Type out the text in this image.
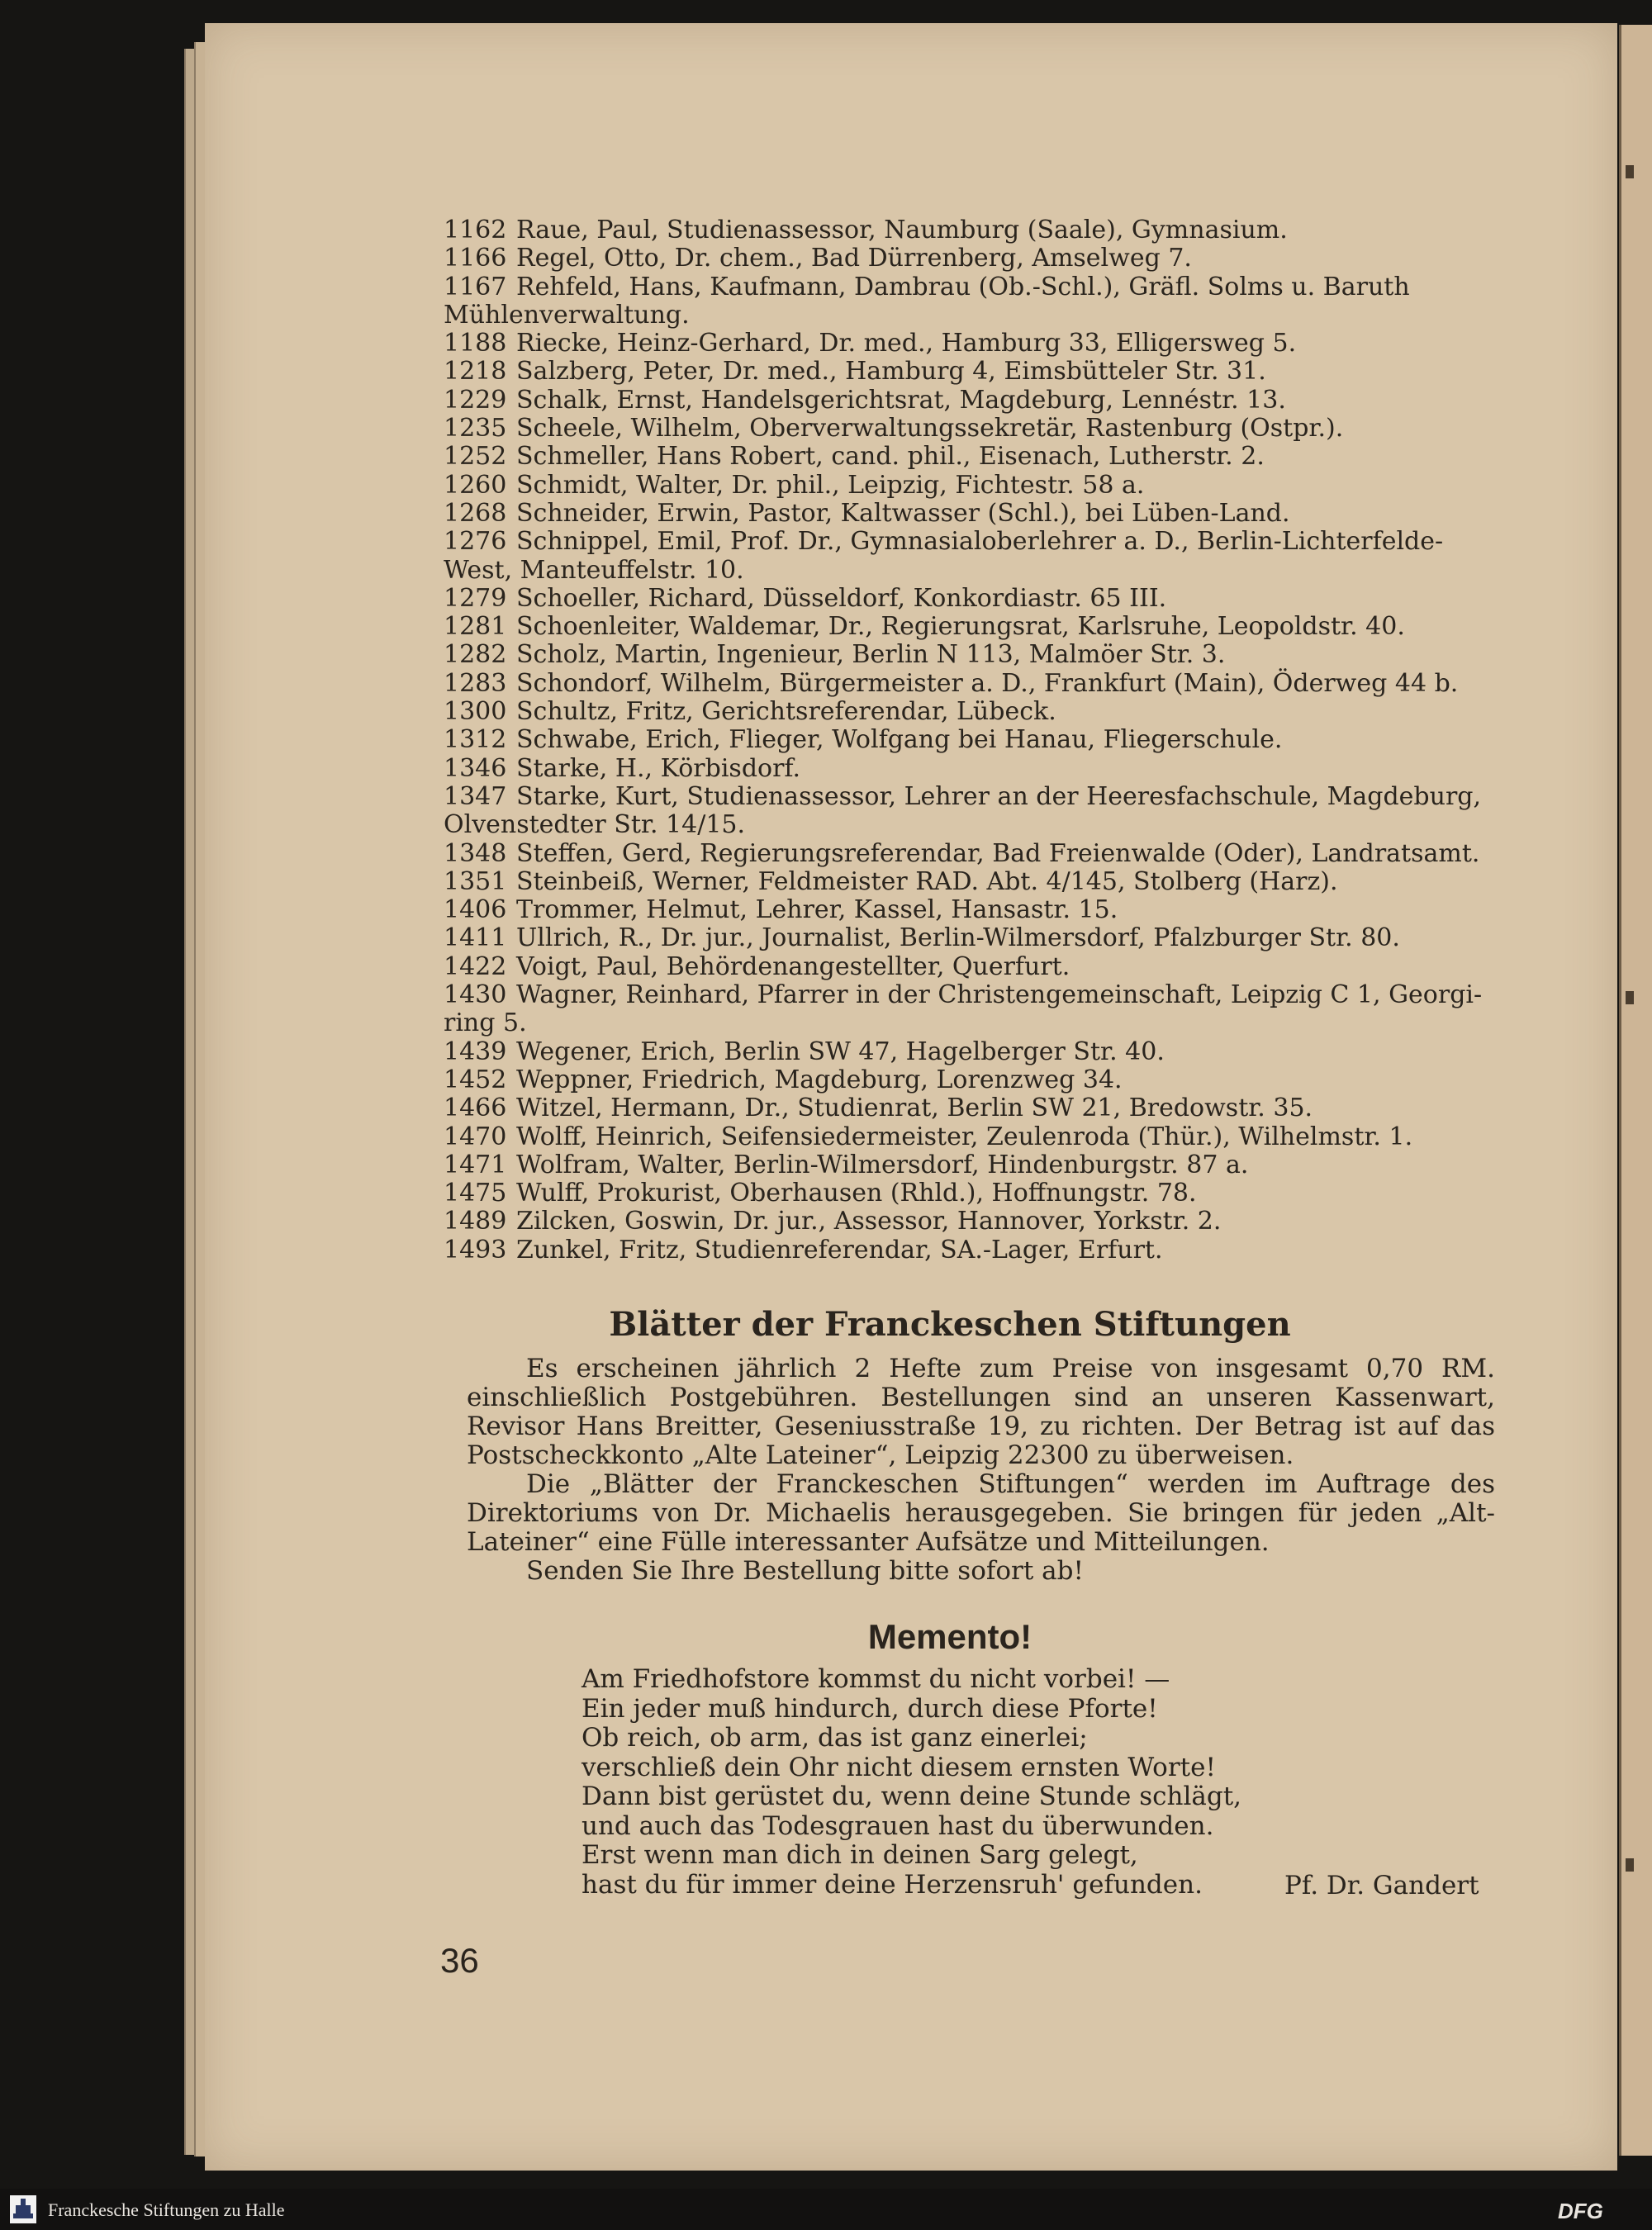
1162 Raue, Paul, Studienassessor, Naumburg (Saale), Gymnasium.
1166 Regel, Otto, Dr. chem., Bad Dürrenberg, Amselweg 7.
1167 Rehfeld, Hans, Kaufmann, Dambrau (Ob.-Schl.), Gräfl. Solms u. Baruth
Mühlenverwaltung.
1188 Riecke, Heinz-Gerhard, Dr. med., Hamburg 33, Elligersweg 5.
1218 Salzberg, Peter, Dr. med., Hamburg 4, Eimsbütteler Str. 31.
1229 Schalk, Ernst, Handelsgerichtsrat, Magdeburg, Lennéstr. 13.
1235 Scheele, Wilhelm, Oberverwaltungssekretär, Rastenburg (Ostpr.).
1252 Schmeller, Hans Robert, cand. phil., Eisenach, Lutherstr. 2.
1260 Schmidt, Walter, Dr. phil., Leipzig, Fichtestr. 58 a.
1268 Schneider, Erwin, Pastor, Kaltwasser (Schl.), bei Lüben-Land.
1276 Schnippel, Emil, Prof. Dr., Gymnasialoberlehrer a. D., Berlin-Lichterfelde-
West, Manteuffelstr. 10.
1279 Schoeller, Richard, Düsseldorf, Konkordiastr. 65 III.
1281 Schoenleiter, Waldemar, Dr., Regierungsrat, Karlsruhe, Leopoldstr. 40.
1282 Scholz, Martin, Ingenieur, Berlin N 113, Malmöer Str. 3.
1283 Schondorf, Wilhelm, Bürgermeister a. D., Frankfurt (Main), Öderweg 44 b.
1300 Schultz, Fritz, Gerichtsreferendar, Lübeck.
1312 Schwabe, Erich, Flieger, Wolfgang bei Hanau, Fliegerschule.
1346 Starke, H., Körbisdorf.
1347 Starke, Kurt, Studienassessor, Lehrer an der Heeresfachschule, Magdeburg,
Olvenstedter Str. 14/15.
1348 Steffen, Gerd, Regierungsreferendar, Bad Freienwalde (Oder), Landratsamt.
1351 Steinbeiß, Werner, Feldmeister RAD. Abt. 4/145, Stolberg (Harz).
1406 Trommer, Helmut, Lehrer, Kassel, Hansastr. 15.
1411 Ullrich, R., Dr. jur., Journalist, Berlin-Wilmersdorf, Pfalzburger Str. 80.
1422 Voigt, Paul, Behördenangestellter, Querfurt.
1430 Wagner, Reinhard, Pfarrer in der Christengemeinschaft, Leipzig C 1, Georgi-
ring 5.
1439 Wegener, Erich, Berlin SW 47, Hagelberger Str. 40.
1452 Weppner, Friedrich, Magdeburg, Lorenzweg 34.
1466 Witzel, Hermann, Dr., Studienrat, Berlin SW 21, Bredowstr. 35.
1470 Wolff, Heinrich, Seifensiedermeister, Zeulenroda (Thür.), Wilhelmstr. 1.
1471 Wolfram, Walter, Berlin-Wilmersdorf, Hindenburgstr. 87 a.
1475 Wulff, Prokurist, Oberhausen (Rhld.), Hoffnungstr. 78.
1489 Zilcken, Goswin, Dr. jur., Assessor, Hannover, Yorkstr. 2.
1493 Zunkel, Fritz, Studienreferendar, SA.-Lager, Erfurt.
Blätter der Franckeschen Stiftungen

Es erscheinen jährlich 2 Hefte zum Preise von insgesamt 0,70 RM. einschließlich Postgebühren. Bestellungen sind an unseren Kassenwart, Revisor Hans Breitter, Geseniusstraße 19, zu richten. Der Betrag ist auf das Postscheckkonto „Alte Lateiner“, Leipzig 22300 zu überweisen.

Die „Blätter der Franckeschen Stiftungen“ werden im Auftrage des Direktoriums von Dr. Michaelis herausgegeben. Sie bringen für jeden „Alt-Lateiner“ eine Fülle interessanter Aufsätze und Mitteilungen.

Senden Sie Ihre Bestellung bitte sofort ab!

Memento!
Am Friedhofstore kommst du nicht vorbei! —
Ein jeder muß hindurch, durch diese Pforte!
Ob reich, ob arm, das ist ganz einerlei;
verschließ dein Ohr nicht diesem ernsten Worte!
Dann bist gerüstet du, wenn deine Stunde schlägt,
und auch das Todesgrauen hast du überwunden.
Erst wenn man dich in deinen Sarg gelegt,
hast du für immer deine Herzensruh' gefunden.	Pf. Dr. Gandert
36
Franckesche Stiftungen zu Halle	DFG
